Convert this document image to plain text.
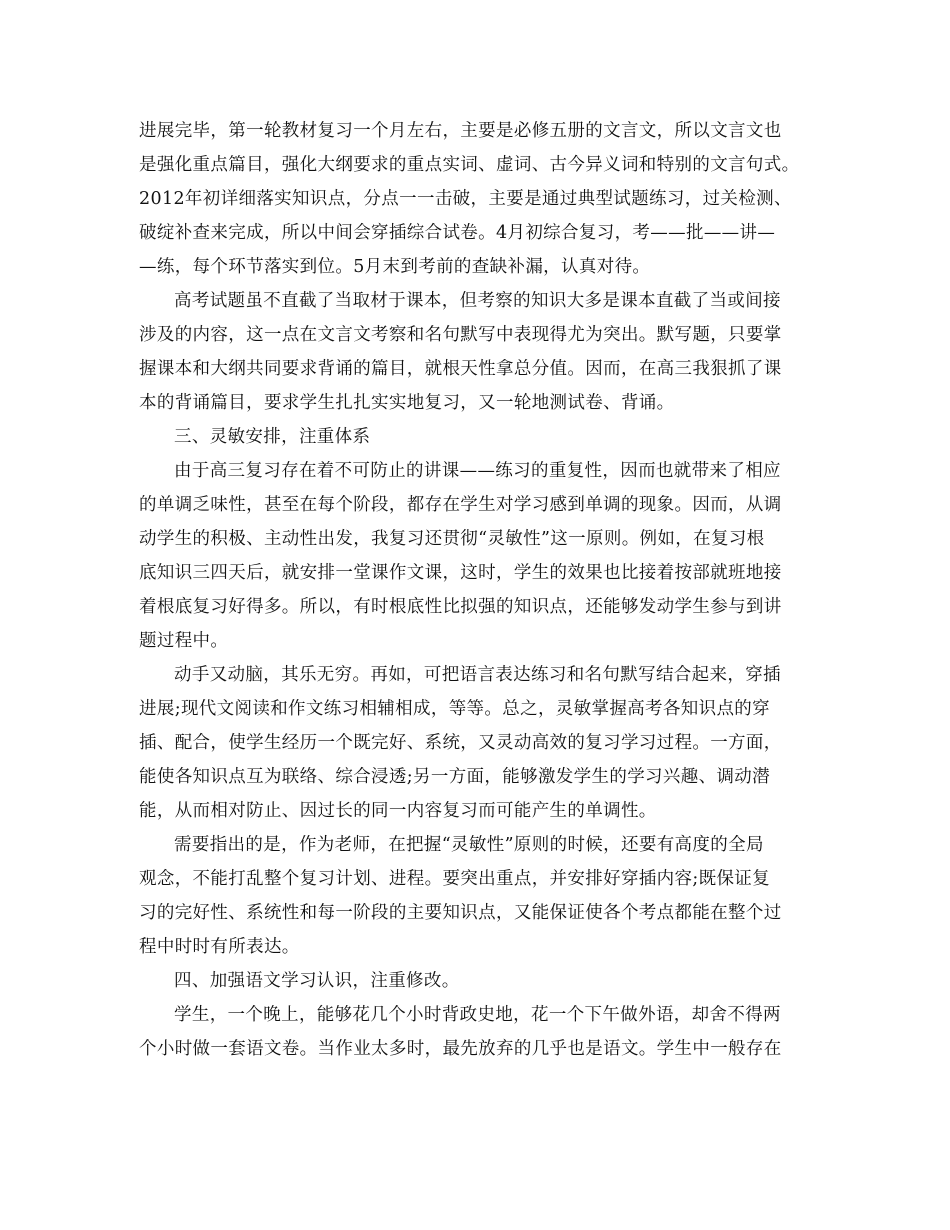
进展完毕，第一轮教材复习一个月左右，主要是必修五册的文言文，所以文言文也
是强化重点篇目，强化大纲要求的重点实词、虚词、古今异义词和特别的文言句式。
2012年初详细落实知识点，分点一一击破，主要是通过典型试题练习，过关检测、
破绽补查来完成，所以中间会穿插综合试卷。4月初综合复习，考——批——讲—
—练，每个环节落实到位。5月末到考前的查缺补漏，认真对待。
高考试题虽不直截了当取材于课本，但考察的知识大多是课本直截了当或间接
涉及的内容，这一点在文言文考察和名句默写中表现得尤为突出。默写题，只要掌
握课本和大纲共同要求背诵的篇目，就根天性拿总分值。因而，在高三我狠抓了课
本的背诵篇目，要求学生扎扎实实地复习，又一轮地测试卷、背诵。
三、灵敏安排，注重体系
由于高三复习存在着不可防止的讲课——练习的重复性，因而也就带来了相应
的单调乏味性，甚至在每个阶段，都存在学生对学习感到单调的现象。因而，从调
动学生的积极、主动性出发，我复习还贯彻“灵敏性”这一原则。例如，在复习根
底知识三四天后，就安排一堂课作文课，这时，学生的效果也比接着按部就班地接
着根底复习好得多。所以，有时根底性比拟强的知识点，还能够发动学生参与到讲
题过程中。
动手又动脑，其乐无穷。再如，可把语言表达练习和名句默写结合起来，穿插
进展;现代文阅读和作文练习相辅相成，等等。总之，灵敏掌握高考各知识点的穿
插、配合，使学生经历一个既完好、系统，又灵动高效的复习学习过程。一方面，
能使各知识点互为联络、综合浸透;另一方面，能够激发学生的学习兴趣、调动潜
能，从而相对防止、因过长的同一内容复习而可能产生的单调性。
需要指出的是，作为老师，在把握“灵敏性”原则的时候，还要有高度的全局
观念，不能打乱整个复习计划、进程。要突出重点，并安排好穿插内容;既保证复
习的完好性、系统性和每一阶段的主要知识点，又能保证使各个考点都能在整个过
程中时时有所表达。
四、加强语文学习认识，注重修改。
学生，一个晚上，能够花几个小时背政史地，花一个下午做外语，却舍不得两
个小时做一套语文卷。当作业太多时，最先放弃的几乎也是语文。学生中一般存在
